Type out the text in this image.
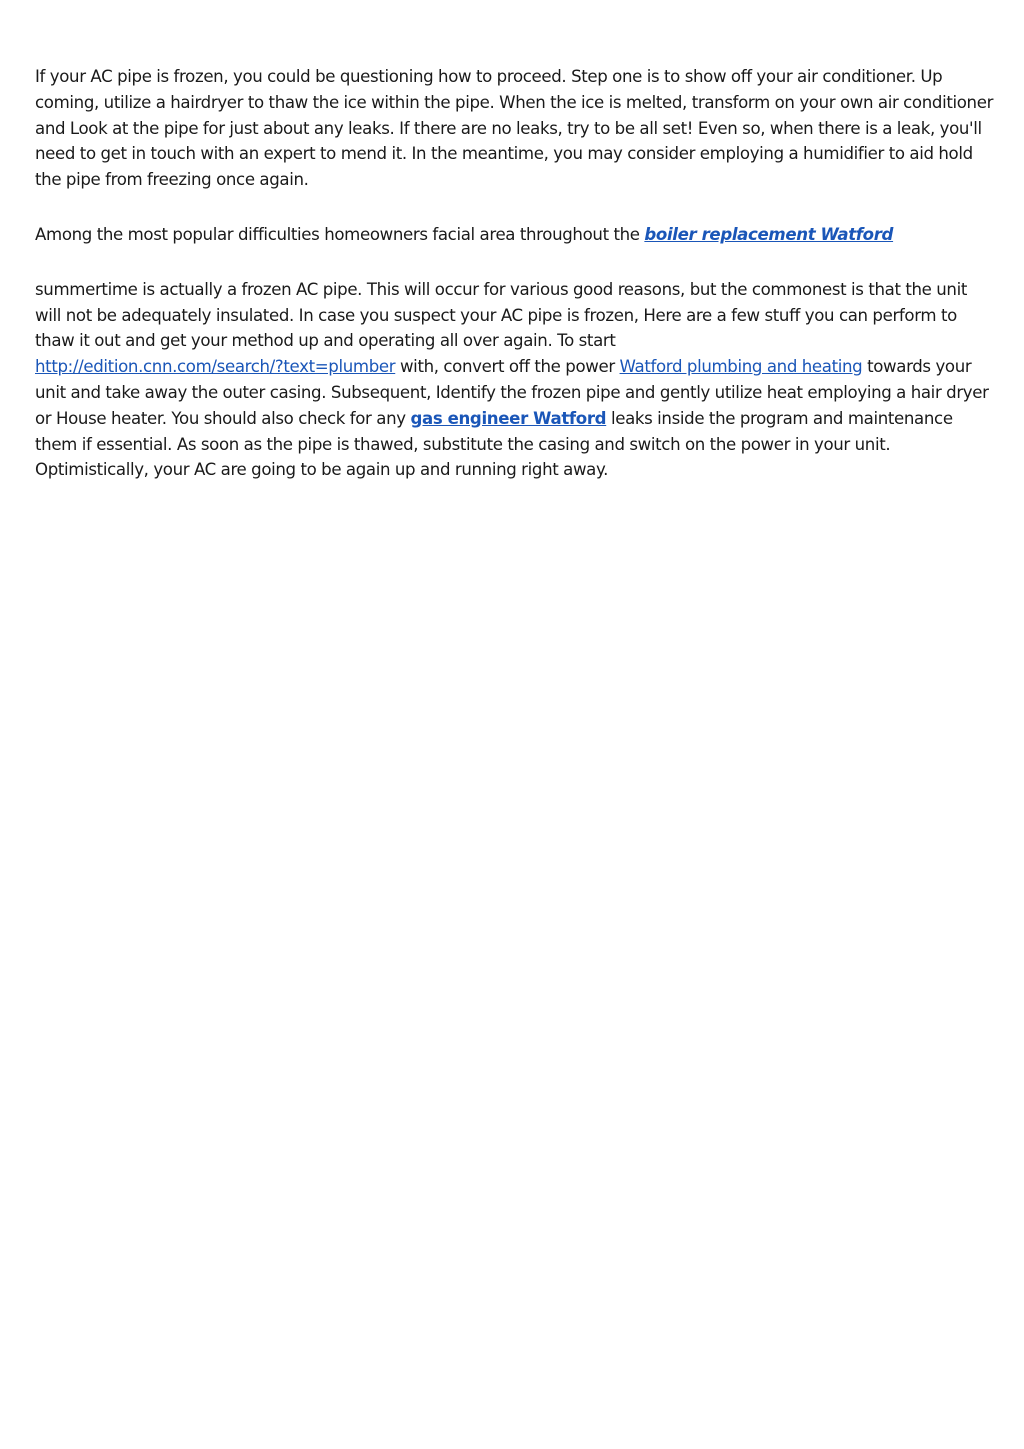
If your AC pipe is frozen, you could be questioning how to proceed. Step one is to show off your air conditioner. Up coming, utilize a hairdryer to thaw the ice within the pipe. When the ice is melted, transform on your own air conditioner and Look at the pipe for just about any leaks. If there are no leaks, try to be all set! Even so, when there is a leak, you'll need to get in touch with an expert to mend it. In the meantime, you may consider employing a humidifier to aid hold the pipe from freezing once again.

Among the most popular difficulties homeowners facial area throughout the boiler replacement Watford

summertime is actually a frozen AC pipe. This will occur for various good reasons, but the commonest is that the unit will not be adequately insulated. In case you suspect your AC pipe is frozen, Here are a few stuff you can perform to thaw it out and get your method up and operating all over again. To start
http://edition.cnn.com/search/?text=plumber with, convert off the power Watford plumbing and heating towards your unit and take away the outer casing. Subsequent, Identify the frozen pipe and gently utilize heat employing a hair dryer or House heater. You should also check for any gas engineer Watford leaks inside the program and maintenance them if essential. As soon as the pipe is thawed, substitute the casing and switch on the power in your unit. Optimistically, your AC are going to be again up and running right away.
